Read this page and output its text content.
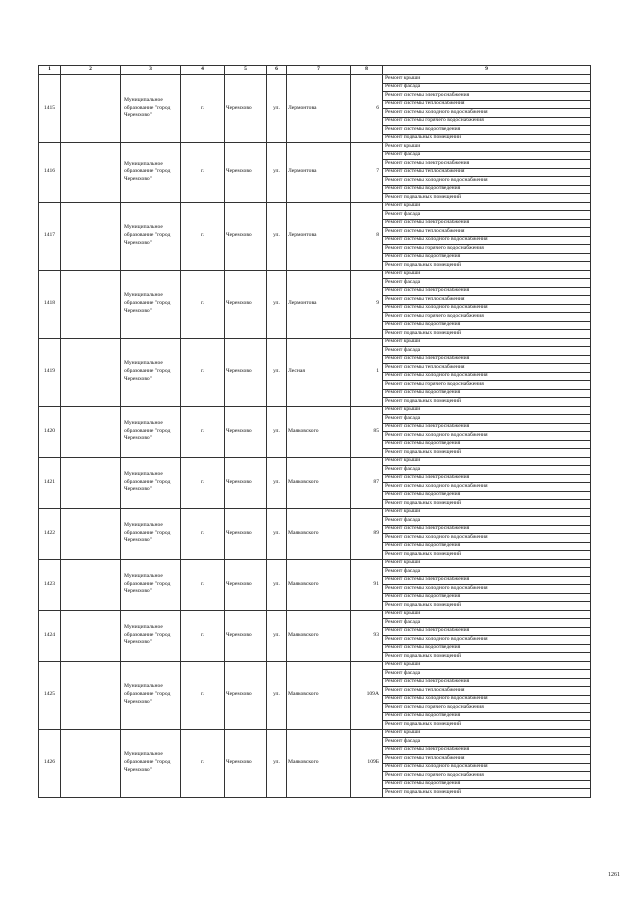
1	2	3	4	5	6	7	8	9
1415		Муниципальное образование "город Черемхово"	г.	Черемхово	ул.	Лермонтова	6	Ремонт крыши
								Ремонт фасада
								Ремонт системы электроснабжения
								Ремонт системы теплоснабжения
								Ремонт системы холодного водоснабжения
								Ремонт системы горячего водоснабжения
								Ремонт системы водоотведения
								Ремонт подвальных помещений
1416		Муниципальное образование "город Черемхово"	г.	Черемхово	ул.	Лермонтова	7	Ремонт крыши
								Ремонт фасада
								Ремонт системы электроснабжения
								Ремонт системы теплоснабжения
								Ремонт системы холодного водоснабжения
								Ремонт системы водоотведения
								Ремонт подвальных помещений
1417		Муниципальное образование "город Черемхово"	г.	Черемхово	ул.	Лермонтова	8	Ремонт крыши
								Ремонт фасада
								Ремонт системы электроснабжения
								Ремонт системы теплоснабжения
								Ремонт системы холодного водоснабжения
								Ремонт системы горячего водоснабжения
								Ремонт системы водоотведения
								Ремонт подвальных помещений
1418		Муниципальное образование "город Черемхово"	г.	Черемхово	ул.	Лермонтова	9	Ремонт крыши
								Ремонт фасада
								Ремонт системы электроснабжения
								Ремонт системы теплоснабжения
								Ремонт системы холодного водоснабжения
								Ремонт системы горячего водоснабжения
								Ремонт системы водоотведения
								Ремонт подвальных помещений
1419		Муниципальное образование "город Черемхово"	г.	Черемхово	ул.	Лесная	1	Ремонт крыши
								Ремонт фасада
								Ремонт системы электроснабжения
								Ремонт системы теплоснабжения
								Ремонт системы холодного водоснабжения
								Ремонт системы горячего водоснабжения
								Ремонт системы водоотведения
								Ремонт подвальных помещений
1420		Муниципальное образование "город Черемхово"	г.	Черемхово	ул.	Маяковского	85	Ремонт крыши
								Ремонт фасада
								Ремонт системы электроснабжения
								Ремонт системы холодного водоснабжения
								Ремонт системы водоотведения
								Ремонт подвальных помещений
1421		Муниципальное образование "город Черемхово"	г.	Черемхово	ул.	Маяковского	87	Ремонт крыши
								Ремонт фасада
								Ремонт системы электроснабжения
								Ремонт системы холодного водоснабжения
								Ремонт системы водоотведения
								Ремонт подвальных помещений
1422		Муниципальное образование "город Черемхово"	г.	Черемхово	ул.	Маяковского	89	Ремонт крыши
								Ремонт фасада
								Ремонт системы электроснабжения
								Ремонт системы холодного водоснабжения
								Ремонт системы водоотведения
								Ремонт подвальных помещений
1423		Муниципальное образование "город Черемхово"	г.	Черемхово	ул.	Маяковского	91	Ремонт крыши
								Ремонт фасада
								Ремонт системы электроснабжения
								Ремонт системы холодного водоснабжения
								Ремонт системы водоотведения
								Ремонт подвальных помещений
1424		Муниципальное образование "город Черемхово"	г.	Черемхово	ул.	Маяковского	93	Ремонт крыши
								Ремонт фасада
								Ремонт системы электроснабжения
								Ремонт системы холодного водоснабжения
								Ремонт системы водоотведения
								Ремонт подвальных помещений
1425		Муниципальное образование "город Черемхово"	г.	Черемхово	ул.	Маяковского	109А	Ремонт крыши
								Ремонт фасада
								Ремонт системы электроснабжения
								Ремонт системы теплоснабжения
								Ремонт системы холодного водоснабжения
								Ремонт системы горячего водоснабжения
								Ремонт системы водоотведения
								Ремонт подвальных помещений
1426		Муниципальное образование "город Черемхово"	г.	Черемхово	ул.	Маяковского	109Б	Ремонт крыши
								Ремонт фасада
								Ремонт системы электроснабжения
								Ремонт системы теплоснабжения
								Ремонт системы холодного водоснабжения
								Ремонт системы горячего водоснабжения
								Ремонт системы водоотведения
								Ремонт подвальных помещений
1261
